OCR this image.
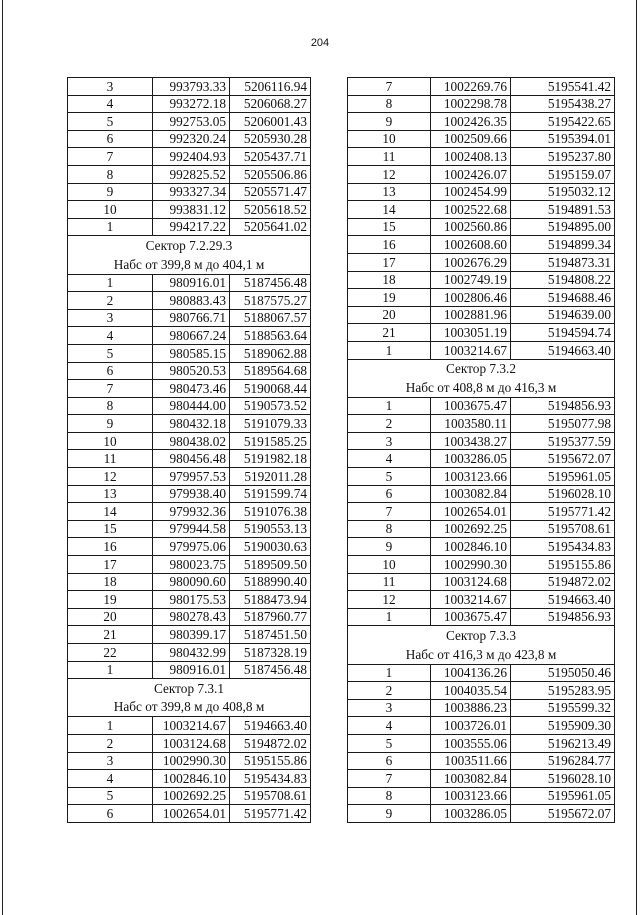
204
3	993793.33	5206116.94
4	993272.18	5206068.27
5	992753.05	5206001.43
6	992320.24	5205930.28
7	992404.93	5205437.71
8	992825.52	5205506.86
9	993327.34	5205571.47
10	993831.12	5205618.52
1	994217.22	5205641.02
Сектор 7.2.29.3		
Набс от 399,8 м до 404,1 м		
1	980916.01	5187456.48
2	980883.43	5187575.27
3	980766.71	5188067.57
4	980667.24	5188563.64
5	980585.15	5189062.88
6	980520.53	5189564.68
7	980473.46	5190068.44
8	980444.00	5190573.52
9	980432.18	5191079.33
10	980438.02	5191585.25
11	980456.48	5191982.18
12	979957.53	5192011.28
13	979938.40	5191599.74
14	979932.36	5191076.38
15	979944.58	5190553.13
16	979975.06	5190030.63
17	980023.75	5189509.50
18	980090.60	5188990.40
19	980175.53	5188473.94
20	980278.43	5187960.77
21	980399.17	5187451.50
22	980432.99	5187328.19
1	980916.01	5187456.48
Сектор 7.3.1		
Набс от 399,8 м до 408,8 м		
1	1003214.67	5194663.40
2	1003124.68	5194872.02
3	1002990.30	5195155.86
4	1002846.10	5195434.83
5	1002692.25	5195708.61
6	1002654.01	5195771.42
7	1002269.76	5195541.42
8	1002298.78	5195438.27
9	1002426.35	5195422.65
10	1002509.66	5195394.01
11	1002408.13	5195237.80
12	1002426.07	5195159.07
13	1002454.99	5195032.12
14	1002522.68	5194891.53
15	1002560.86	5194895.00
16	1002608.60	5194899.34
17	1002676.29	5194873.31
18	1002749.19	5194808.22
19	1002806.46	5194688.46
20	1002881.96	5194639.00
21	1003051.19	5194594.74
1	1003214.67	5194663.40
Сектор 7.3.2		
Набс от 408,8 м до 416,3 м		
1	1003675.47	5194856.93
2	1003580.11	5195077.98
3	1003438.27	5195377.59
4	1003286.05	5195672.07
5	1003123.66	5195961.05
6	1003082.84	5196028.10
7	1002654.01	5195771.42
8	1002692.25	5195708.61
9	1002846.10	5195434.83
10	1002990.30	5195155.86
11	1003124.68	5194872.02
12	1003214.67	5194663.40
1	1003675.47	5194856.93
Сектор 7.3.3		
Набс от 416,3 м до 423,8 м		
1	1004136.26	5195050.46
2	1004035.54	5195283.95
3	1003886.23	5195599.32
4	1003726.01	5195909.30
5	1003555.06	5196213.49
6	1003511.66	5196284.77
7	1003082.84	5196028.10
8	1003123.66	5195961.05
9	1003286.05	5195672.07
